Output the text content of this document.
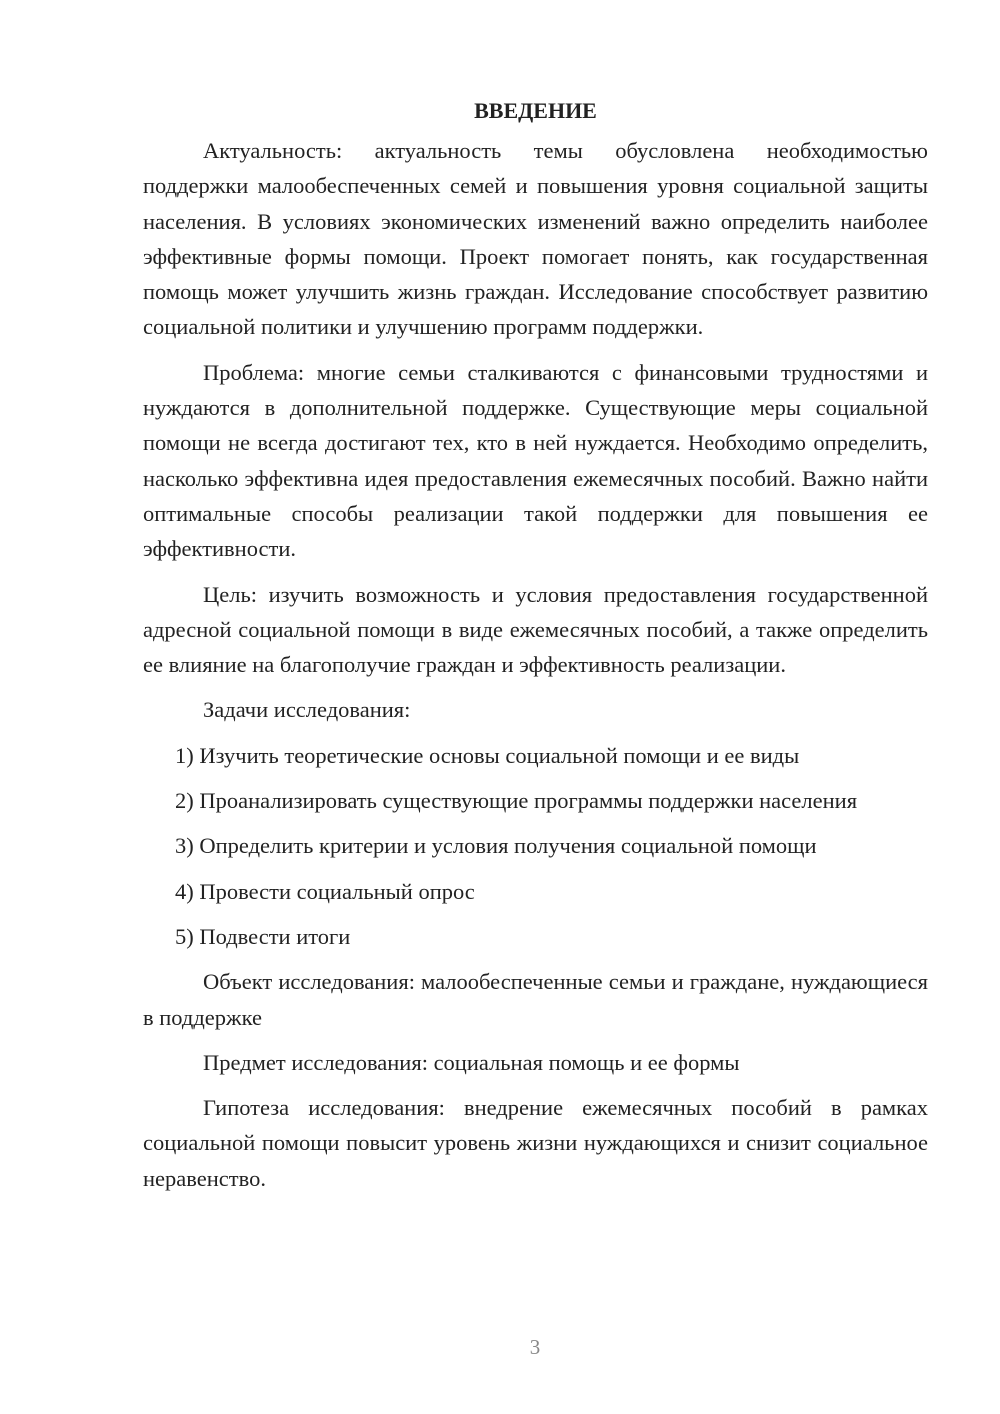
ВВЕДЕНИЕ

Актуальность: актуальность темы обусловлена необходимостью поддержки малообеспеченных семей и повышения уровня социальной защиты населения. В условиях экономических изменений важно определить наиболее эффективные формы помощи. Проект помогает понять, как государственная помощь может улучшить жизнь граждан. Исследование способствует развитию социальной политики и улучшению программ поддержки.

Проблема: многие семьи сталкиваются с финансовыми трудностями и нуждаются в дополнительной поддержке. Существующие меры социальной помощи не всегда достигают тех, кто в ней нуждается. Необходимо определить, насколько эффективна идея предоставления ежемесячных пособий. Важно найти оптимальные способы реализации такой поддержки для повышения ее эффективности.

Цель: изучить возможность и условия предоставления государственной адресной социальной помощи в виде ежемесячных пособий, а также определить ее влияние на благополучие граждан и эффективность реализации.

Задачи исследования:

1) Изучить теоретические основы социальной помощи и ее виды

2) Проанализировать существующие программы поддержки населения

3) Определить критерии и условия получения социальной помощи

4) Провести социальный опрос

5) Подвести итоги

Объект исследования: малообеспеченные семьи и граждане, нуждающиеся в поддержке

Предмет исследования: социальная помощь и ее формы

Гипотеза исследования: внедрение ежемесячных пособий в рамках социальной помощи повысит уровень жизни нуждающихся и снизит социальное неравенство.

3
